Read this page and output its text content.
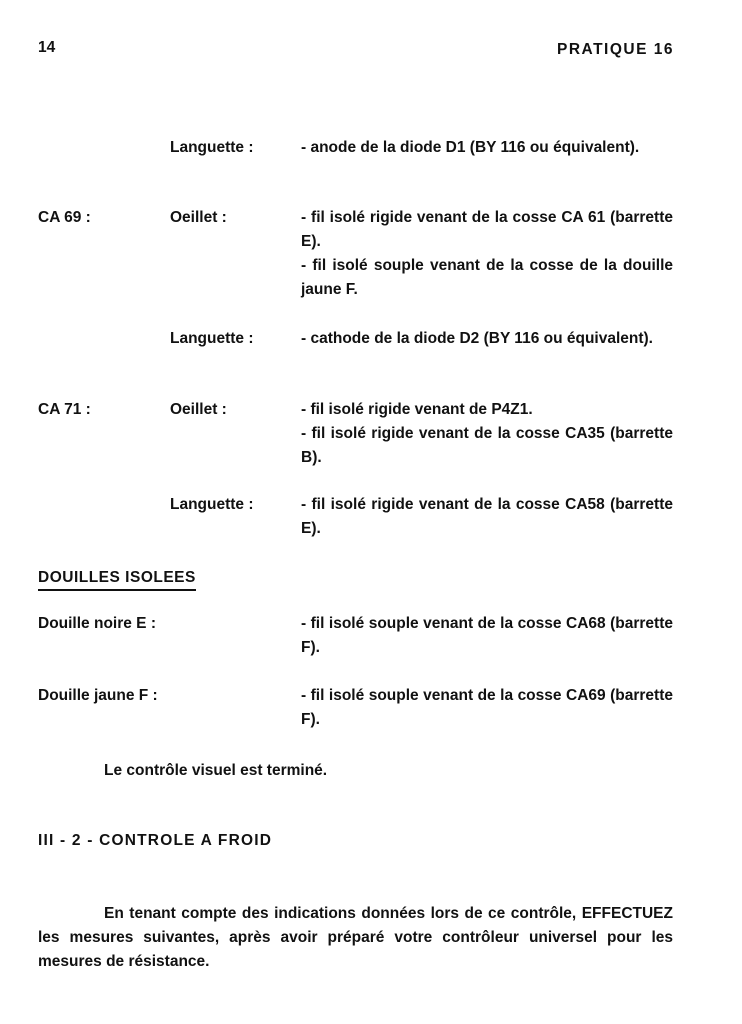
14	PRATIQUE 16
Languette :	- anode de la diode D1 (BY 116 ou équivalent).

CA 69 :	Oeillet :	- fil isolé rigide venant de la cosse CA 61 (barrette E).

- fil isolé souple venant de la cosse de la douille jaune F.

Languette :	- cathode de la diode D2 (BY 116 ou équivalent).

CA 71 :	Oeillet :	- fil isolé rigide venant de P4Z1.

- fil isolé rigide venant de la cosse CA35 (barrette B).

Languette :	- fil isolé rigide venant de la cosse CA58 (barrette E).

DOUILLES ISOLEES
Douille noire E :	- fil isolé souple venant de la cosse CA68 (barrette F).
Douille jaune F :	- fil isolé souple venant de la cosse CA69 (barrette F).
Le contrôle visuel est terminé.
III - 2 - CONTROLE A FROID
En tenant compte des indications données lors de ce contrôle, EFFECTUEZ les mesures suivantes, après avoir préparé votre contrôleur universel pour les mesures de résistance.
